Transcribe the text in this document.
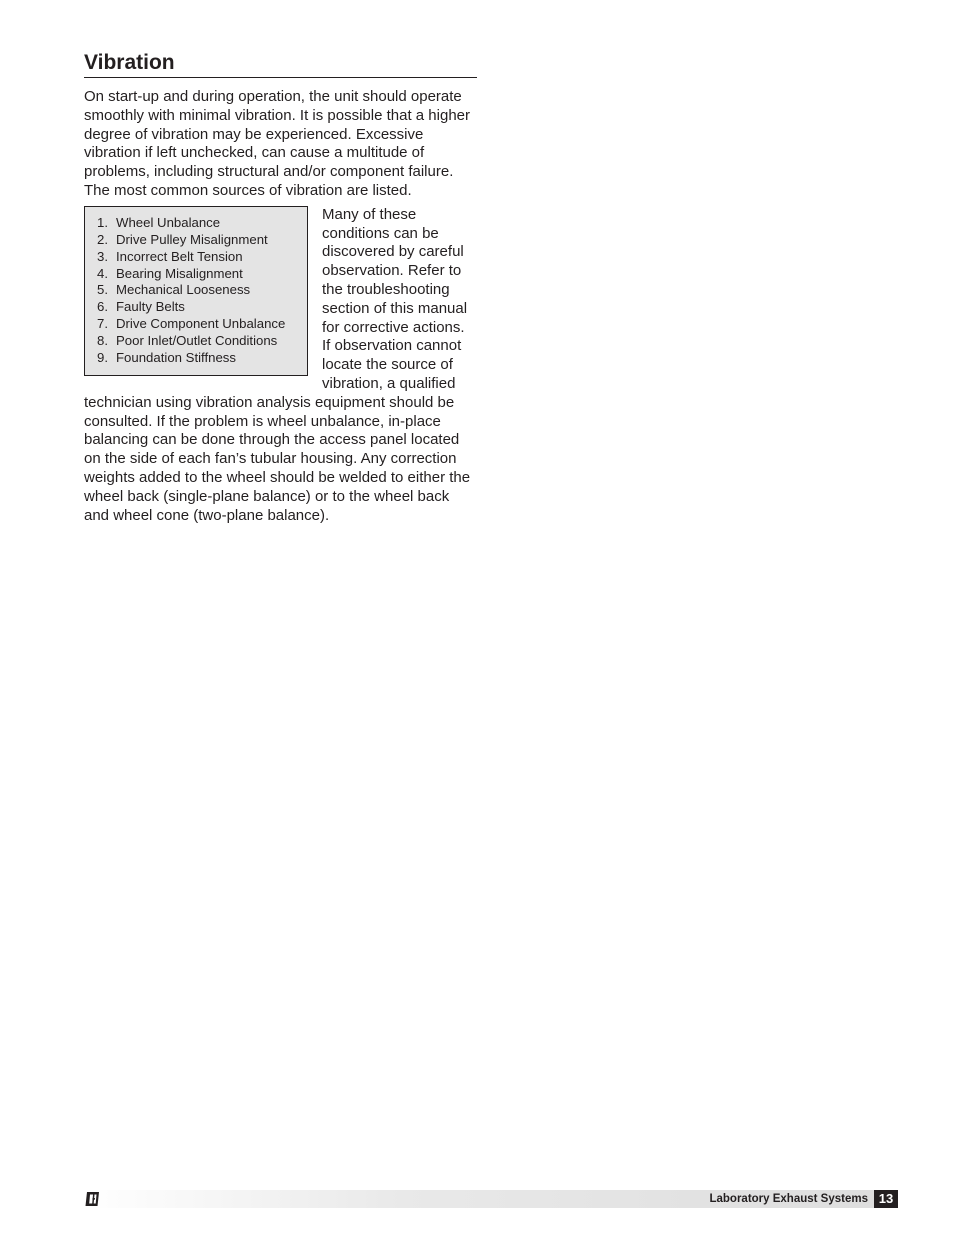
Vibration

On start-up and during operation, the unit should operate smoothly with minimal vibration. It is possible that a higher degree of vibration may be experienced. Excessive vibration if left unchecked, can cause a multitude of problems, including structural and/or component failure. The most common sources of vibration are listed.

1. Wheel Unbalance
2. Drive Pulley Misalignment
3. Incorrect Belt Tension
4. Bearing Misalignment
5. Mechanical Looseness
6. Faulty Belts
7. Drive Component Unbalance
8. Poor Inlet/Outlet Conditions
9. Foundation Stiffness

Many of these conditions can be discovered by careful observation. Refer to the troubleshooting section of this manual for corrective actions. If observation cannot locate the source of vibration, a qualified technician using vibration analysis equipment should be consulted. If the problem is wheel unbalance, in-place balancing can be done through the access panel located on the side of each fan’s tubular housing. Any correction weights added to the wheel should be welded to either the wheel back (single-plane balance) or to the wheel back and wheel cone (two-plane balance).

Laboratory Exhaust Systems 13
